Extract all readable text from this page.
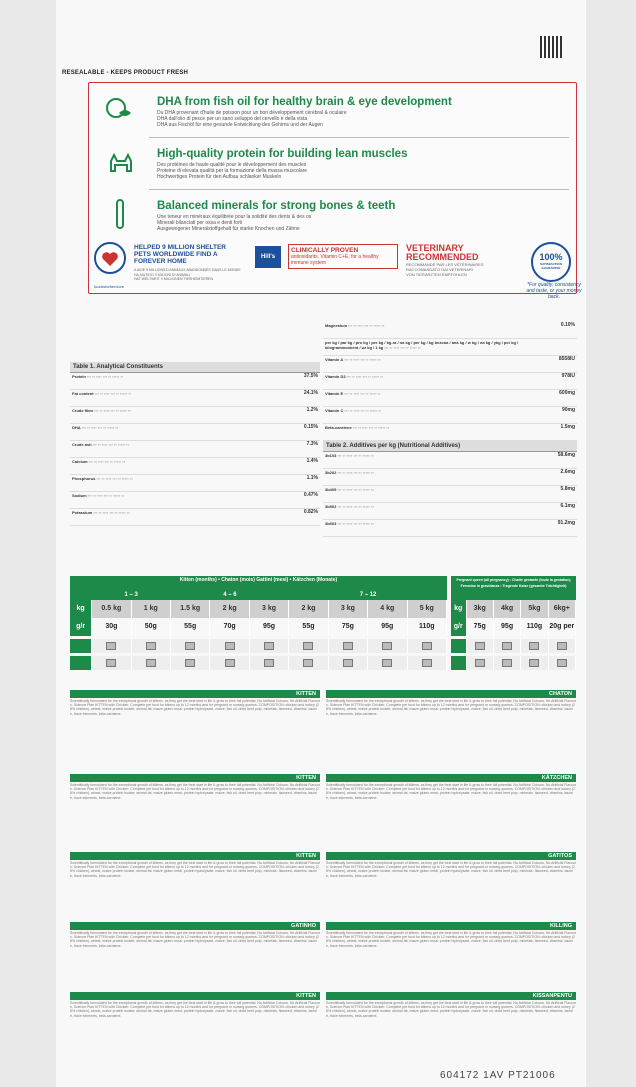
RESEALABLE - KEEPS PRODUCT FRESH
DHA from fish oil for healthy brain & eye development
Du DHA provenant d'huile de poisson pour un bon développement cérébral & oculaire
DHA dall'olio di pesce per un sano sviluppo del cervello e della vista
DHA aus Fischöl für eine gesunde Entwicklung des Gehirns und der Augen
High-quality protein for building lean muscles
Des protéines de haute qualité pour le développement des muscles
Proteine di elevata qualità per la formazione della massa muscolare
Hochwertiges Protein für den Aufbau schlanker Muskeln
Balanced minerals for strong bones & teeth
Une teneur en minéraux équilibrée pour la solidité des dents & des os
Minerali bilanciati per ossa e denti forti
Ausgewogener Mineralstoffgehalt für starke Knochen und Zähne
HELPED 9 MILLION SHELTER PETS WORLDWIDE FIND A FOREVER HOME
A AIDÉ 9 MILLIONS D'ANIMAUX ABANDONNÉS DANS LE MONDE
HA AIUTATO 9 MILIONI DI ANIMALI
HAT WELTWEIT 9 MILLIONEN TIERHEIMTIEREN
food•shelter•love
Hill's
CLINICALLY PROVEN
antioxidants, Vitamin C+E, for a healthy immune system
VETERINARY RECOMMENDED
RECOMMANDÉ PAR LES VÉTÉRINAIRES
RACCOMANDATO DAI VETERINARI
VON TIERÄRZTEN EMPFOHLEN
100%
SATISFACTION GUARANTEE
*For quality, consistency and taste, or your money back.
Table 1. Analytical Constituents
Protein ▪▪▪ ▪▪ ▪▪▪▪ ▪▪▪ ▪▪ ▪▪▪▪▪ ▪▪	37.5%
Fat content ▪▪▪ ▪▪ ▪▪▪▪ ▪▪▪ ▪▪ ▪▪▪▪▪ ▪▪	24.1%
Crude fibre ▪▪▪ ▪▪ ▪▪▪▪ ▪▪▪ ▪▪ ▪▪▪▪▪ ▪▪	1.2%
DHA ▪▪▪ ▪▪ ▪▪▪▪ ▪▪▪ ▪▪ ▪▪▪▪▪ ▪▪	0.15%
Crude ash ▪▪▪ ▪▪ ▪▪▪▪ ▪▪▪ ▪▪ ▪▪▪▪▪ ▪▪	7.3%
Calcium ▪▪▪ ▪▪ ▪▪▪▪ ▪▪▪ ▪▪ ▪▪▪▪▪ ▪▪	1.4%
Phosphorus ▪▪▪ ▪▪ ▪▪▪▪ ▪▪▪ ▪▪ ▪▪▪▪▪ ▪▪	1.1%
Sodium ▪▪▪ ▪▪ ▪▪▪▪ ▪▪▪ ▪▪ ▪▪▪▪▪ ▪▪	0.47%
Potassium ▪▪▪ ▪▪ ▪▪▪▪ ▪▪▪ ▪▪ ▪▪▪▪▪ ▪▪	0.82%
Magnesium ▪▪▪ ▪▪ ▪▪▪▪ ▪▪▪ ▪▪ ▪▪▪▪▪ ▪▪	0.10%
per kg / par kg / pro kg / per kg / kg-ra / na kg / per kg / kg bezona / ana kg / w kg / na kg / ykg / per kg / kilogrammonkent / uz kg / 1 kg ▪▪▪ ▪▪ ▪▪▪▪ ▪▪▪ ▪▪ ▪▪▪▪▪ ▪▪
Vitamin A ▪▪▪ ▪▪ ▪▪▪▪ ▪▪▪ ▪▪ ▪▪▪▪▪ ▪▪	8558IU
Vitamin D3 ▪▪▪ ▪▪ ▪▪▪▪ ▪▪▪ ▪▪ ▪▪▪▪▪ ▪▪	978IU
Vitamin E ▪▪▪ ▪▪ ▪▪▪▪ ▪▪▪ ▪▪ ▪▪▪▪▪ ▪▪	600mg
Vitamin C ▪▪▪ ▪▪ ▪▪▪▪ ▪▪▪ ▪▪ ▪▪▪▪▪ ▪▪	90mg
Beta-carotene ▪▪▪ ▪▪ ▪▪▪▪ ▪▪▪ ▪▪ ▪▪▪▪▪ ▪▪	1.5mg
Table 2. Additives per kg (Nutritional Additives)
3b103 ▪▪▪ ▪▪ ▪▪▪▪ ▪▪▪ ▪▪ ▪▪▪▪▪ ▪▪	58.6mg
3b202 ▪▪▪ ▪▪ ▪▪▪▪ ▪▪▪ ▪▪ ▪▪▪▪▪ ▪▪	2.6mg
3b405 ▪▪▪ ▪▪ ▪▪▪▪ ▪▪▪ ▪▪ ▪▪▪▪▪ ▪▪	5.8mg
3b502 ▪▪▪ ▪▪ ▪▪▪▪ ▪▪▪ ▪▪ ▪▪▪▪▪ ▪▪	6.1mg
3b603 ▪▪▪ ▪▪ ▪▪▪▪ ▪▪▪ ▪▪ ▪▪▪▪▪ ▪▪	91.2mg
Kitten (months) • Chaton (mois) Gattini (mesi) • Kätzchen (Monate)
1 – 3	4 – 6	7 – 12
kg	0.5 kg	1 kg	1.5 kg	2 kg	3 kg	2 kg	3 kg	4 kg	5 kg
g/r	30g	50g	55g	70g	95g	55g	75g	95g	110g
Pregnant queen (all pregnancy) • Chatte gestante (toute la gestation) Femmine in gravidanza • Tragende Katze (gesamte Trächtigkeit)
kg	3kg	4kg	5kg	6kg+
g/r	75g	95g	110g	20g per
KITTEN
Scientifically formulated for the exceptional growth of kittens, as they get the best start in life & grow to their full potential. No Artificial Colours, No Artificial Flavours. Science Plan KITTEN with Chicken. Complete pet food for kittens up to 12 months and for pregnant or nursing queens. COMPOSITION: chicken and turkey (28% chicken), wheat, maize protein isolate, animal fat, maize gluten meal, protein hydrolysate, maize, fish oil, dried beet pulp, minerals, flaxseed, vitamins, taurine, trace elements, beta-carotene.
CHATON
Scientifically formulated for the exceptional growth of kittens, as they get the best start in life & grow to their full potential. No Artificial Colours, No Artificial Flavours. Science Plan KITTEN with Chicken. Complete pet food for kittens up to 12 months and for pregnant or nursing queens. COMPOSITION: chicken and turkey (28% chicken), wheat, maize protein isolate, animal fat, maize gluten meal, protein hydrolysate, maize, fish oil, dried beet pulp, minerals, flaxseed, vitamins, taurine, trace elements, beta-carotene.
KITTEN
Scientifically formulated for the exceptional growth of kittens, as they get the best start in life & grow to their full potential. No Artificial Colours, No Artificial Flavours. Science Plan KITTEN with Chicken. Complete pet food for kittens up to 12 months and for pregnant or nursing queens. COMPOSITION: chicken and turkey (28% chicken), wheat, maize protein isolate, animal fat, maize gluten meal, protein hydrolysate, maize, fish oil, dried beet pulp, minerals, flaxseed, vitamins, taurine, trace elements, beta-carotene.
KÄTZCHEN
Scientifically formulated for the exceptional growth of kittens, as they get the best start in life & grow to their full potential. No Artificial Colours, No Artificial Flavours. Science Plan KITTEN with Chicken. Complete pet food for kittens up to 12 months and for pregnant or nursing queens. COMPOSITION: chicken and turkey (28% chicken), wheat, maize protein isolate, animal fat, maize gluten meal, protein hydrolysate, maize, fish oil, dried beet pulp, minerals, flaxseed, vitamins, taurine, trace elements, beta-carotene.
KITTEN
Scientifically formulated for the exceptional growth of kittens, as they get the best start in life & grow to their full potential. No Artificial Colours, No Artificial Flavours. Science Plan KITTEN with Chicken. Complete pet food for kittens up to 12 months and for pregnant or nursing queens. COMPOSITION: chicken and turkey (28% chicken), wheat, maize protein isolate, animal fat, maize gluten meal, protein hydrolysate, maize, fish oil, dried beet pulp, minerals, flaxseed, vitamins, taurine, trace elements, beta-carotene.
GATITOS
Scientifically formulated for the exceptional growth of kittens, as they get the best start in life & grow to their full potential. No Artificial Colours, No Artificial Flavours. Science Plan KITTEN with Chicken. Complete pet food for kittens up to 12 months and for pregnant or nursing queens. COMPOSITION: chicken and turkey (28% chicken), wheat, maize protein isolate, animal fat, maize gluten meal, protein hydrolysate, maize, fish oil, dried beet pulp, minerals, flaxseed, vitamins, taurine, trace elements, beta-carotene.
GATINHO
Scientifically formulated for the exceptional growth of kittens, as they get the best start in life & grow to their full potential. No Artificial Colours, No Artificial Flavours. Science Plan KITTEN with Chicken. Complete pet food for kittens up to 12 months and for pregnant or nursing queens. COMPOSITION: chicken and turkey (28% chicken), wheat, maize protein isolate, animal fat, maize gluten meal, protein hydrolysate, maize, fish oil, dried beet pulp, minerals, flaxseed, vitamins, taurine, trace elements, beta-carotene.
KILLING
Scientifically formulated for the exceptional growth of kittens, as they get the best start in life & grow to their full potential. No Artificial Colours, No Artificial Flavours. Science Plan KITTEN with Chicken. Complete pet food for kittens up to 12 months and for pregnant or nursing queens. COMPOSITION: chicken and turkey (28% chicken), wheat, maize protein isolate, animal fat, maize gluten meal, protein hydrolysate, maize, fish oil, dried beet pulp, minerals, flaxseed, vitamins, taurine, trace elements, beta-carotene.
KITTEN
Scientifically formulated for the exceptional growth of kittens, as they get the best start in life & grow to their full potential. No Artificial Colours, No Artificial Flavours. Science Plan KITTEN with Chicken. Complete pet food for kittens up to 12 months and for pregnant or nursing queens. COMPOSITION: chicken and turkey (28% chicken), wheat, maize protein isolate, animal fat, maize gluten meal, protein hydrolysate, maize, fish oil, dried beet pulp, minerals, flaxseed, vitamins, taurine, trace elements, beta-carotene.
KISSANPENTU
Scientifically formulated for the exceptional growth of kittens, as they get the best start in life & grow to their full potential. No Artificial Colours, No Artificial Flavours. Science Plan KITTEN with Chicken. Complete pet food for kittens up to 12 months and for pregnant or nursing queens. COMPOSITION: chicken and turkey (28% chicken), wheat, maize protein isolate, animal fat, maize gluten meal, protein hydrolysate, maize, fish oil, dried beet pulp, minerals, flaxseed, vitamins, taurine, trace elements, beta-carotene.
604172 1AV PT21006
